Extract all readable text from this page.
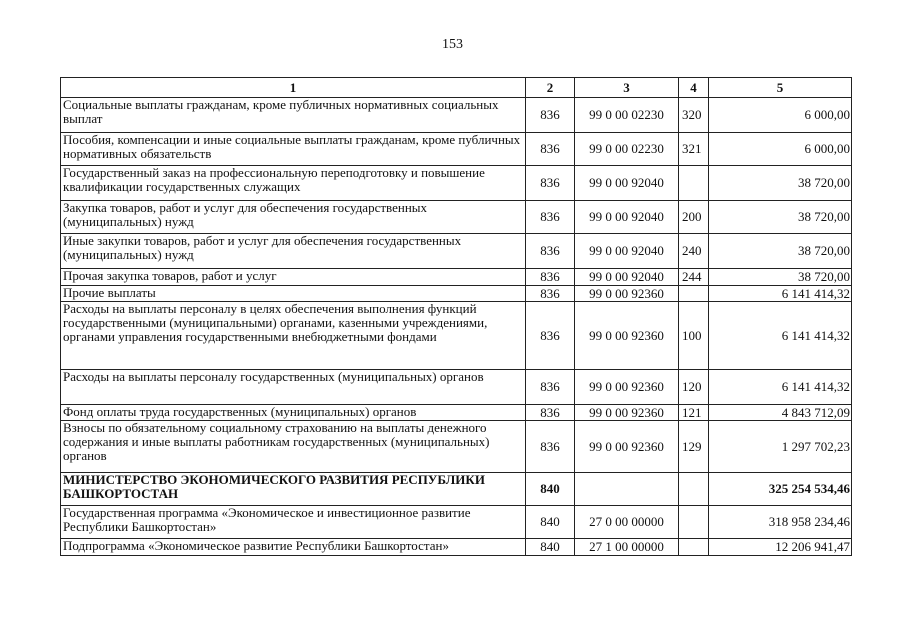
153
1	2	3	4	5
Социальные выплаты гражданам, кроме публичных нормативных социальных выплат	836	99 0 00 02230	320	6 000,00
Пособия, компенсации и иные социальные выплаты гражданам, кроме публичных нормативных обязательств	836	99 0 00 02230	321	6 000,00
Государственный заказ на профессиональную переподготовку и повышение квалификации государственных служащих	836	99 0 00 92040		38 720,00
Закупка товаров, работ и услуг для обеспечения государственных (муниципальных) нужд	836	99 0 00 92040	200	38 720,00
Иные закупки товаров, работ и услуг для обеспечения государственных (муниципальных) нужд	836	99 0 00 92040	240	38 720,00
Прочая закупка товаров, работ и услуг	836	99 0 00 92040	244	38 720,00
Прочие выплаты	836	99 0 00 92360		6 141 414,32
Расходы на выплаты персоналу в целях обеспечения выполнения функций государственными (муниципальными) органами, казенными учреждениями, органами управления государственными внебюджетными фондами	836	99 0 00 92360	100	6 141 414,32
Расходы на выплаты персоналу государственных (муниципальных) органов	836	99 0 00 92360	120	6 141 414,32
Фонд оплаты труда государственных (муниципальных) органов	836	99 0 00 92360	121	4 843 712,09
Взносы по обязательному социальному страхованию на выплаты денежного содержания и иные выплаты работникам государственных (муниципальных) органов	836	99 0 00 92360	129	1 297 702,23
МИНИСТЕРСТВО ЭКОНОМИЧЕСКОГО РАЗВИТИЯ РЕСПУБЛИКИ БАШКОРТОСТАН	840			325 254 534,46
Государственная программа «Экономическое и инвестиционное развитие Республики Башкортостан»	840	27 0 00 00000		318 958 234,46
Подпрограмма «Экономическое развитие Республики Башкортостан»	840	27 1 00 00000		12 206 941,47
